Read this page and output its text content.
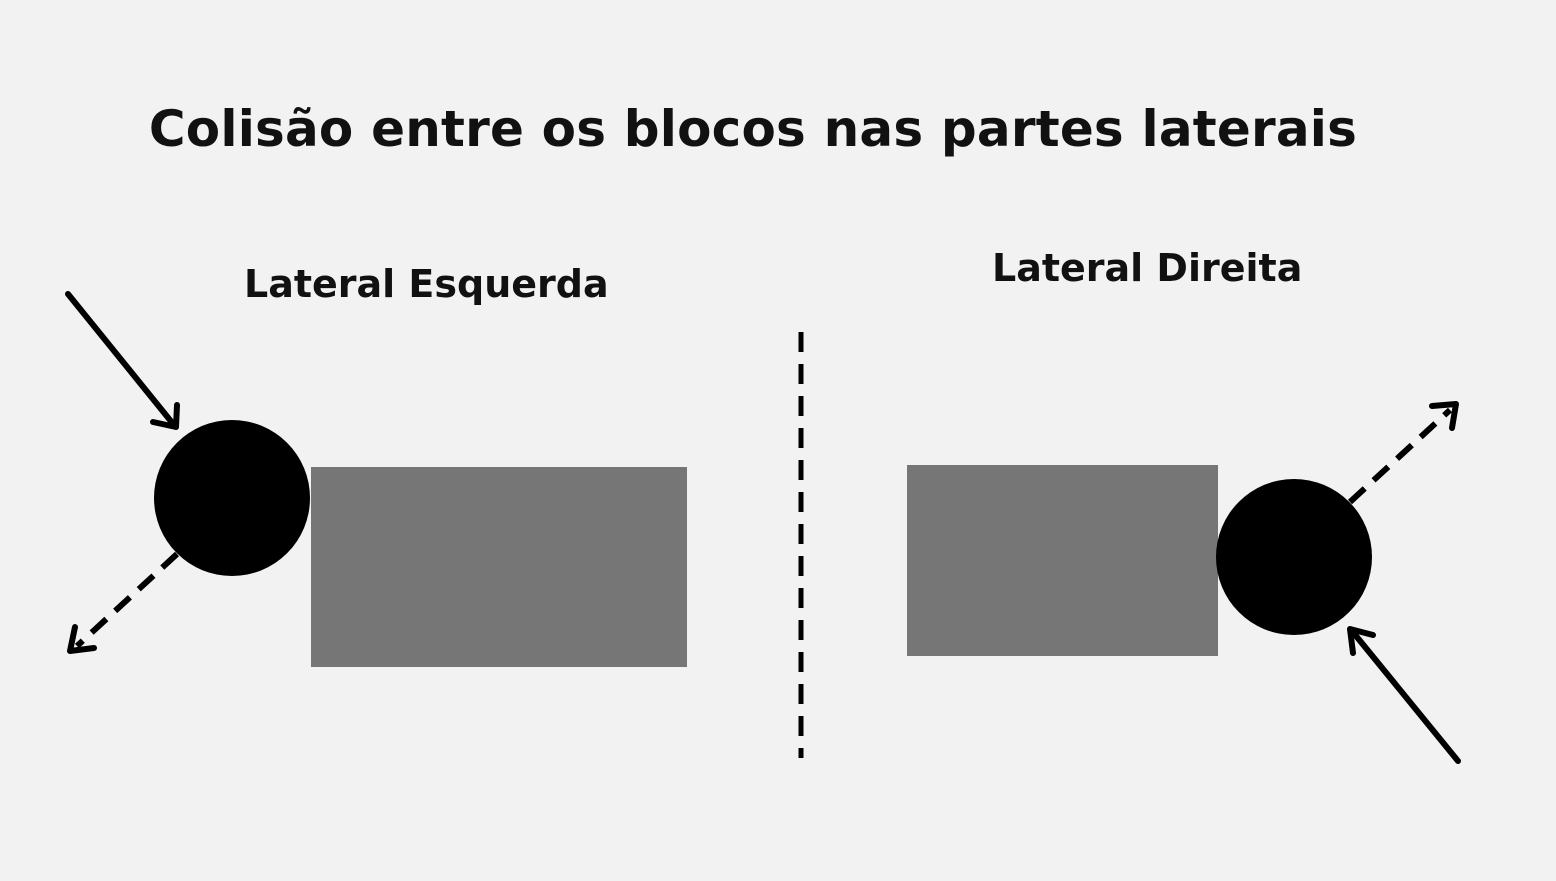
Colisão entre os blocos nas partes laterais
Lateral Esquerda	Lateral Direita
